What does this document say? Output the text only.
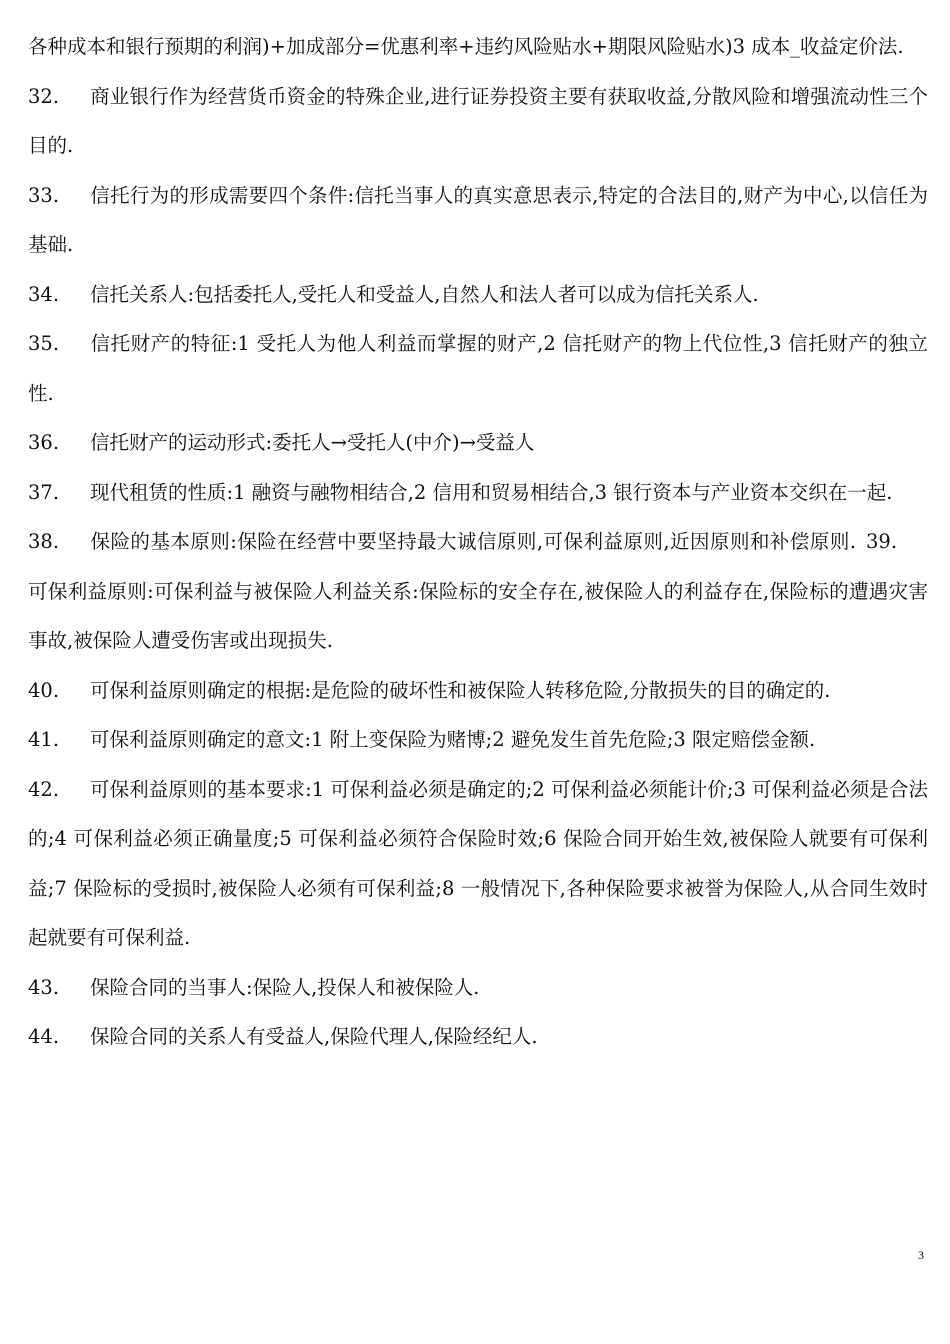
各种成本和银行预期的利润)+加成部分=优惠利率+违约风险贴水+期限风险贴水)3 成本_收益定价法.

32. 商业银行作为经营货币资金的特殊企业,进行证券投资主要有获取收益,分散风险和增强流动性三个目的.

33. 信托行为的形成需要四个条件:信托当事人的真实意思表示,特定的合法目的,财产为中心,以信任为基础.

34. 信托关系人:包括委托人,受托人和受益人,自然人和法人者可以成为信托关系人.

35. 信托财产的特征:1 受托人为他人利益而掌握的财产,2 信托财产的物上代位性,3 信托财产的独立性.

36. 信托财产的运动形式:委托人→受托人(中介)→受益人

37. 现代租赁的性质:1 融资与融物相结合,2 信用和贸易相结合,3 银行资本与产业资本交织在一起.

38. 保险的基本原则:保险在经营中要坚持最大诚信原则,可保利益原则,近因原则和补偿原则. 39.可保利益原则:可保利益与被保险人利益关系:保险标的安全存在,被保险人的利益存在,保险标的遭遇灾害事故,被保险人遭受伤害或出现损失.

40. 可保利益原则确定的根据:是危险的破坏性和被保险人转移危险,分散损失的目的确定的.

41. 可保利益原则确定的意文:1 附上变保险为赌博;2 避免发生首先危险;3 限定赔偿金额.

42. 可保利益原则的基本要求:1 可保利益必须是确定的;2 可保利益必须能计价;3 可保利益必须是合法的;4 可保利益必须正确量度;5 可保利益必须符合保险时效;6 保险合同开始生效,被保险人就要有可保利益;7 保险标的受损时,被保险人必须有可保利益;8 一般情况下,各种保险要求被誉为保险人,从合同生效时起就要有可保利益.

43. 保险合同的当事人:保险人,投保人和被保险人.

44. 保险合同的关系人有受益人,保险代理人,保险经纪人.

3
